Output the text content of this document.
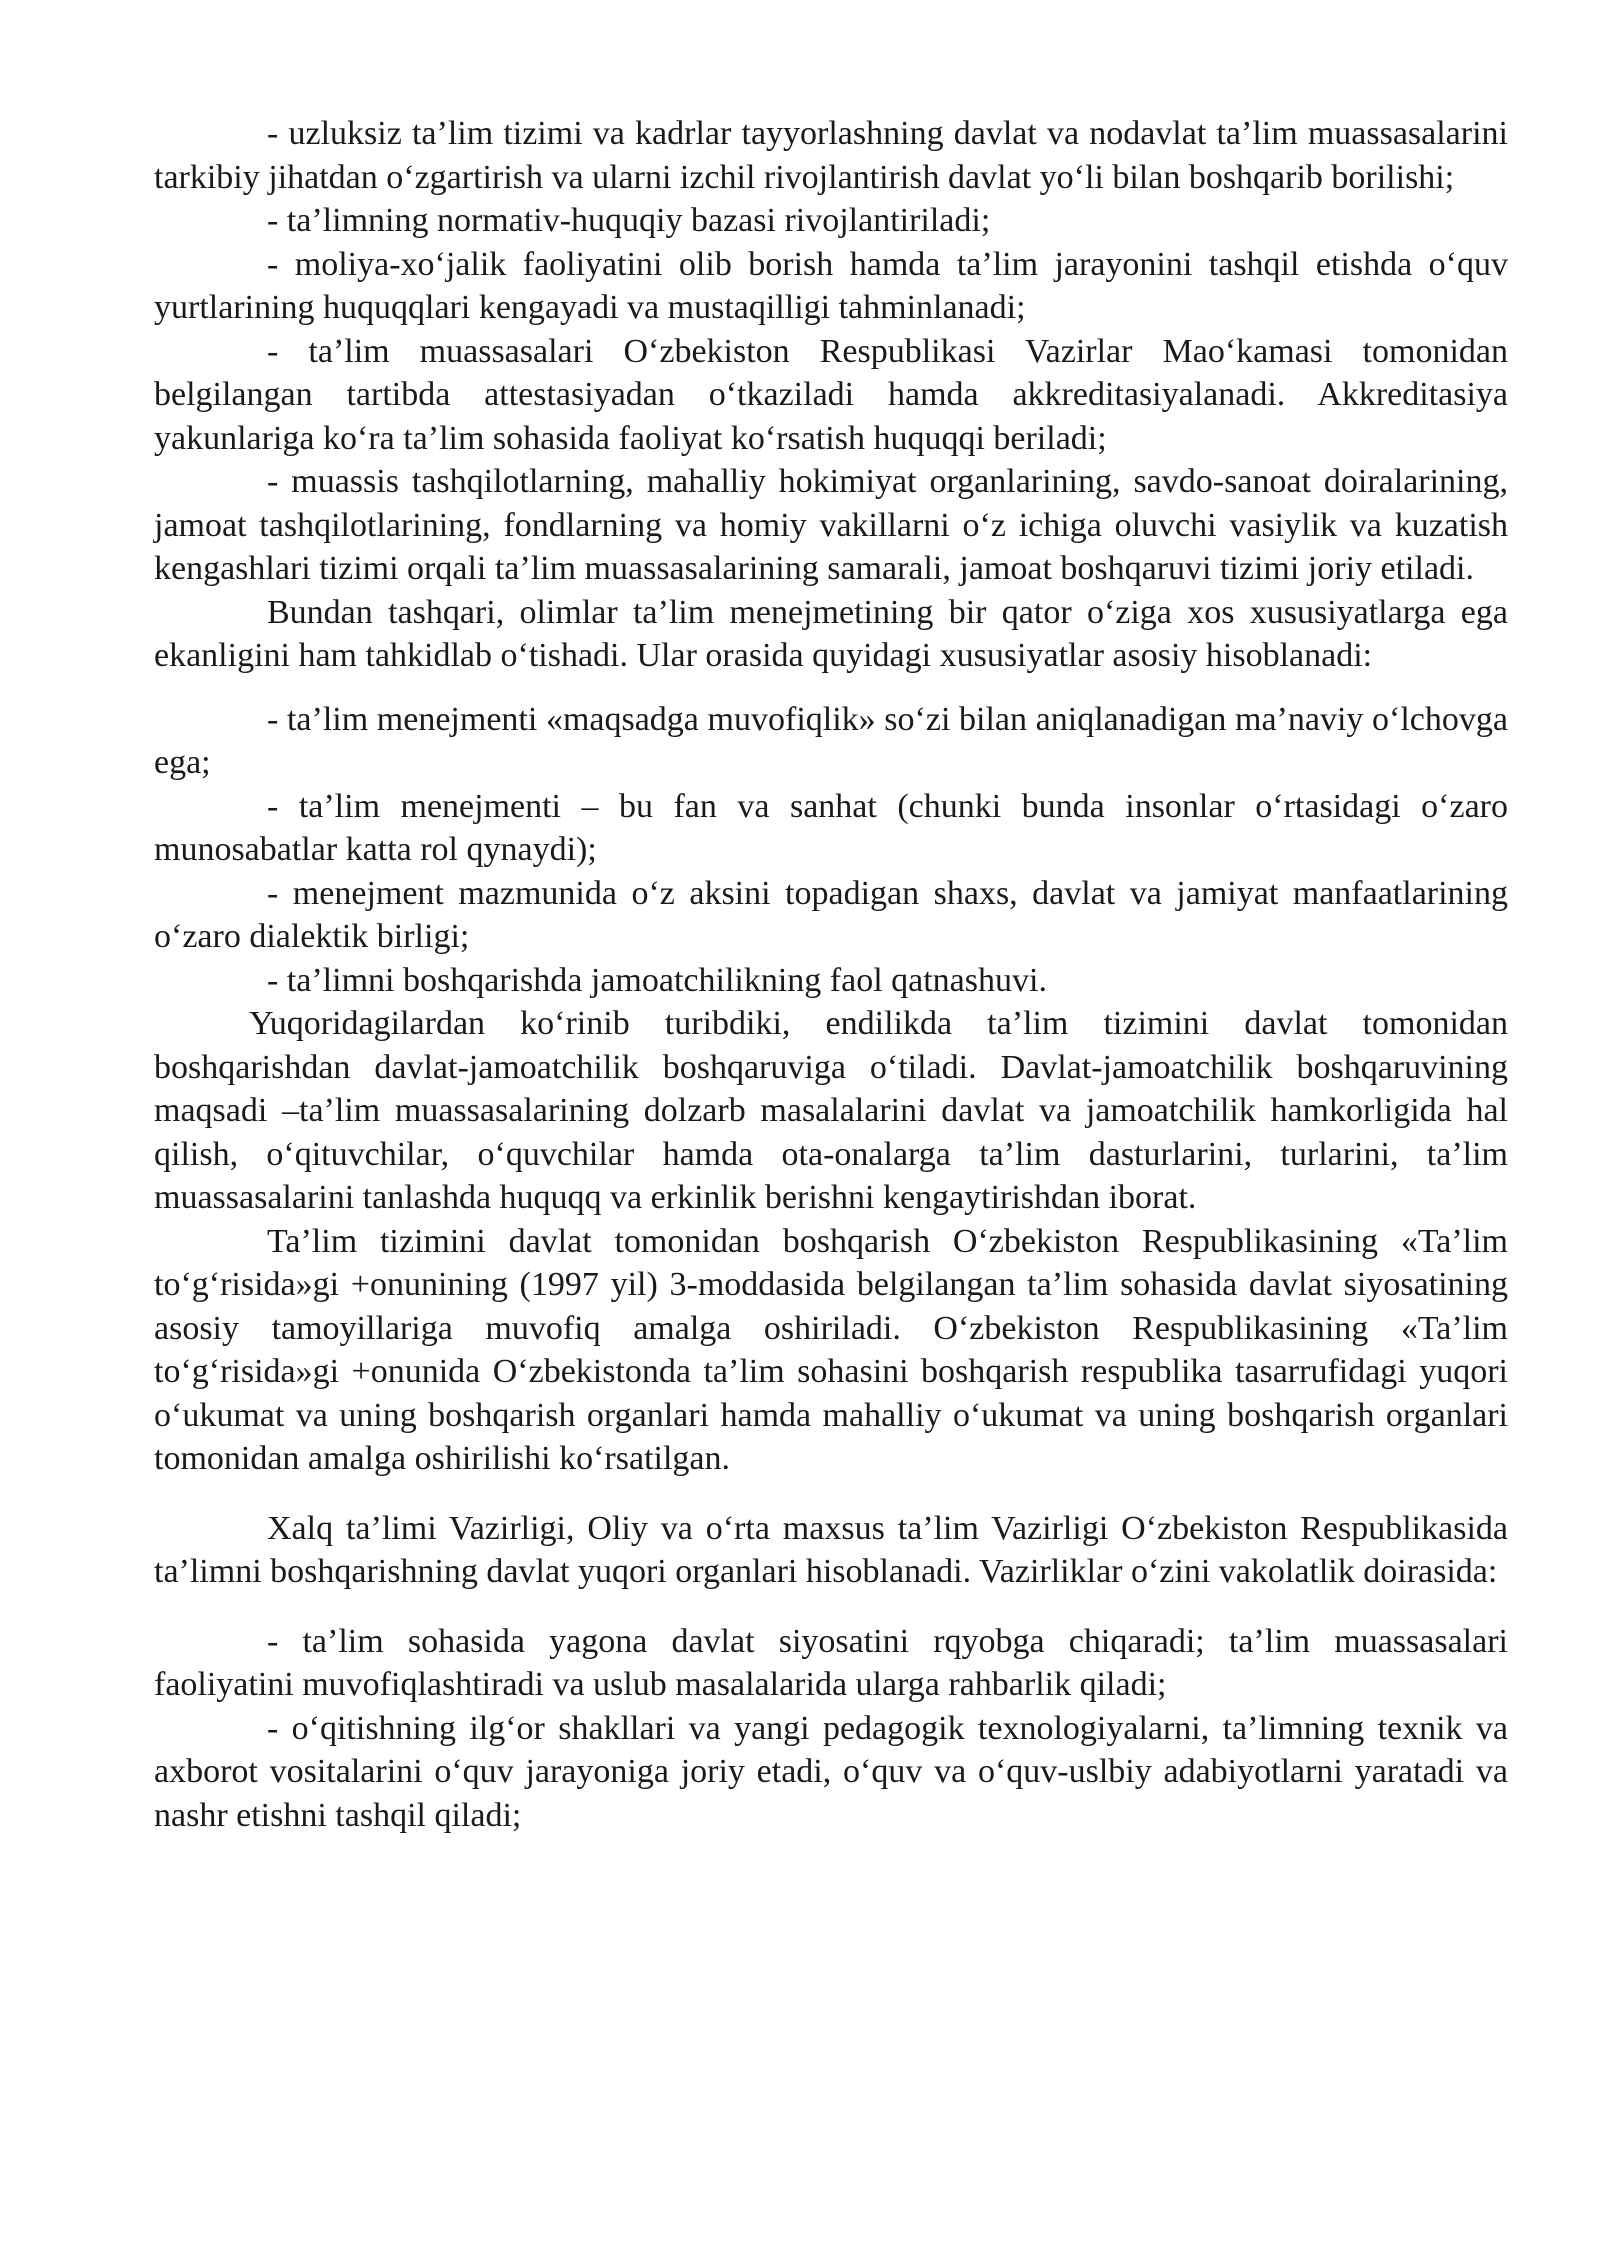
- uzluksiz ta’lim tizimi va kadrlar tayyorlashning davlat va nodavlat ta’lim muassasalarini tarkibiy jihatdan o‘zgartirish va ularni izchil rivojlantirish davlat yo‘li bilan boshqarib borilishi;

- ta’limning normativ-huquqiy bazasi rivojlantiriladi;

- moliya-xo‘jalik faoliyatini olib borish hamda ta’lim jarayonini tashqil etishda o‘quv yurtlarining huquqqlari kengayadi va mustaqilligi tahminlanadi;

- ta’lim muassasalari O‘zbekiston Respublikasi Vazirlar Mao‘kamasi tomonidan belgilangan tartibda attestasiyadan o‘tkaziladi hamda akkreditasiyalanadi. Akkreditasiya yakunlariga ko‘ra ta’lim sohasida faoliyat ko‘rsatish huquqqi beriladi;

- muassis tashqilotlarning, mahalliy hokimiyat organlarining, savdo-sanoat doiralarining, jamoat tashqilotlarining, fondlarning va homiy vakillarni o‘z ichiga oluvchi vasiylik va kuzatish kengashlari tizimi orqali ta’lim muassasalarining samarali, jamoat boshqaruvi tizimi joriy etiladi.

Bundan tashqari, olimlar ta’lim menejmetining bir qator o‘ziga xos xususiyatlarga ega ekanligini ham tahkidlab o‘tishadi. Ular orasida quyidagi xususiyatlar asosiy hisoblanadi:

- ta’lim menejmenti «maqsadga muvofiqlik» so‘zi bilan aniqlanadigan ma’naviy o‘lchovga ega;

- ta’lim menejmenti – bu fan va sanhat (chunki bunda insonlar o‘rtasidagi o‘zaro munosabatlar katta rol qynaydi);

- menejment mazmunida o‘z aksini topadigan shaxs, davlat va jamiyat manfaatlarining o‘zaro dialektik birligi;

- ta’limni boshqarishda jamoatchilikning faol qatnashuvi.

Yuqoridagilardan ko‘rinib turibdiki, endilikda ta’lim tizimini davlat tomonidan boshqarishdan davlat-jamoatchilik boshqaruviga o‘tiladi. Davlat-jamoatchilik boshqaruvining maqsadi –ta’lim muassasalarining dolzarb masalalarini davlat va jamoatchilik hamkorligida hal qilish, o‘qituvchilar, o‘quvchilar hamda ota-onalarga ta’lim dasturlarini, turlarini, ta’lim muassasalarini tanlashda huquqq va erkinlik berishni kengaytirishdan iborat.

Ta’lim tizimini davlat tomonidan boshqarish O‘zbekiston Respublikasining «Ta’lim to‘g‘risida»gi +onunining (1997 yil) 3-moddasida belgilangan ta’lim sohasida davlat siyosatining asosiy tamoyillariga muvofiq amalga oshiriladi. O‘zbekiston Respublikasining «Ta’lim to‘g‘risida»gi +onunida O‘zbekistonda ta’lim sohasini boshqarish respublika tasarrufidagi yuqori o‘ukumat va uning boshqarish organlari hamda mahalliy o‘ukumat va uning boshqarish organlari tomonidan amalga oshirilishi ko‘rsatilgan.

Xalq ta’limi Vazirligi, Oliy va o‘rta maxsus ta’lim Vazirligi O‘zbekiston Respublikasida ta’limni boshqarishning davlat yuqori organlari hisoblanadi. Vazirliklar o‘zini vakolatlik doirasida:

- ta’lim sohasida yagona davlat siyosatini rqyobga chiqaradi; ta’lim muassasalari faoliyatini muvofiqlashtiradi va uslub masalalarida ularga rahbarlik qiladi;

- o‘qitishning ilg‘or shakllari va yangi pedagogik texnologiyalarni, ta’limning texnik va axborot vositalarini o‘quv jarayoniga joriy etadi, o‘quv va o‘quv-uslbiy adabiyotlarni yaratadi va nashr etishni tashqil qiladi;
